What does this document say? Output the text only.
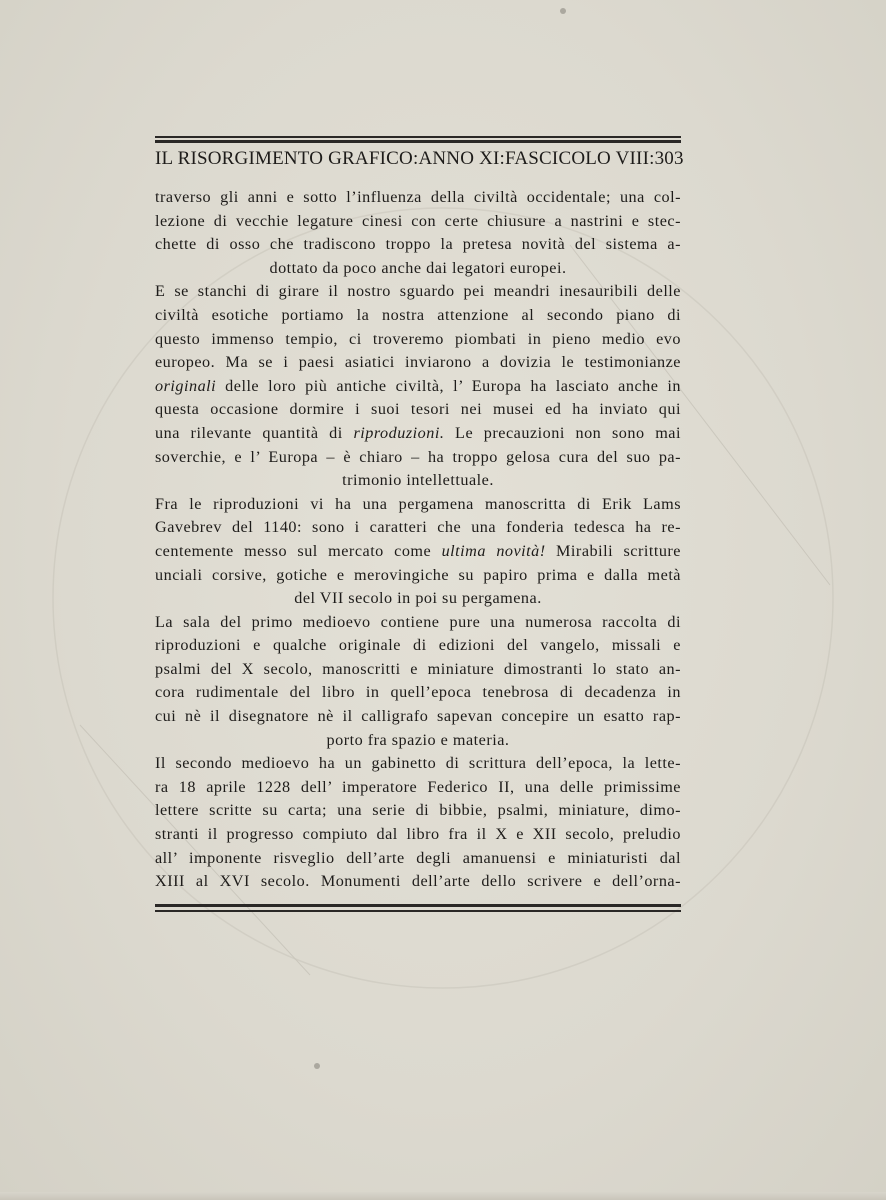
IL RISORGIMENTO GRAFICO : ANNO XI : FASCICOLO VIII : 303
traverso gli anni e sotto l’influenza della civiltà occidentale; una col-
lezione di vecchie legature cinesi con certe chiusure a nastrini e stec-
chette di osso che tradiscono troppo la pretesa novità del sistema a-
dottato da poco anche dai legatori europei.
E se stanchi di girare il nostro sguardo pei meandri inesauribili delle
civiltà esotiche portiamo la nostra attenzione al secondo piano di
questo immenso tempio, ci troveremo piombati in pieno medio evo
europeo. Ma se i paesi asiatici inviarono a dovizia le testimonianze
originali delle loro più antiche civiltà, l’ Europa ha lasciato anche in
questa occasione dormire i suoi tesori nei musei ed ha inviato qui
una rilevante quantità di riproduzioni. Le precauzioni non sono mai
soverchie, e l’ Europa – è chiaro – ha troppo gelosa cura del suo pa-
trimonio intellettuale.
Fra le riproduzioni vi ha una pergamena manoscritta di Erik Lams
Gavebrev del 1140: sono i caratteri che una fonderia tedesca ha re-
centemente messo sul mercato come ultima novità! Mirabili scritture
unciali corsive, gotiche e merovingiche su papiro prima e dalla metà
del VII secolo in poi su pergamena.
La sala del primo medioevo contiene pure una numerosa raccolta di
riproduzioni e qualche originale di edizioni del vangelo, missali e
psalmi del X secolo, manoscritti e miniature dimostranti lo stato an-
cora rudimentale del libro in quell’epoca tenebrosa di decadenza in
cui nè il disegnatore nè il calligrafo sapevan concepire un esatto rap-
porto fra spazio e materia.
Il secondo medioevo ha un gabinetto di scrittura dell’epoca, la lette-
ra 18 aprile 1228 dell’ imperatore Federico II, una delle primissime
lettere scritte su carta; una serie di bibbie, psalmi, miniature, dimo-
stranti il progresso compiuto dal libro fra il X e XII secolo, preludio
all’ imponente risveglio dell’arte degli amanuensi e miniaturisti dal
XIII al XVI secolo. Monumenti dell’arte dello scrivere e dell’orna-
